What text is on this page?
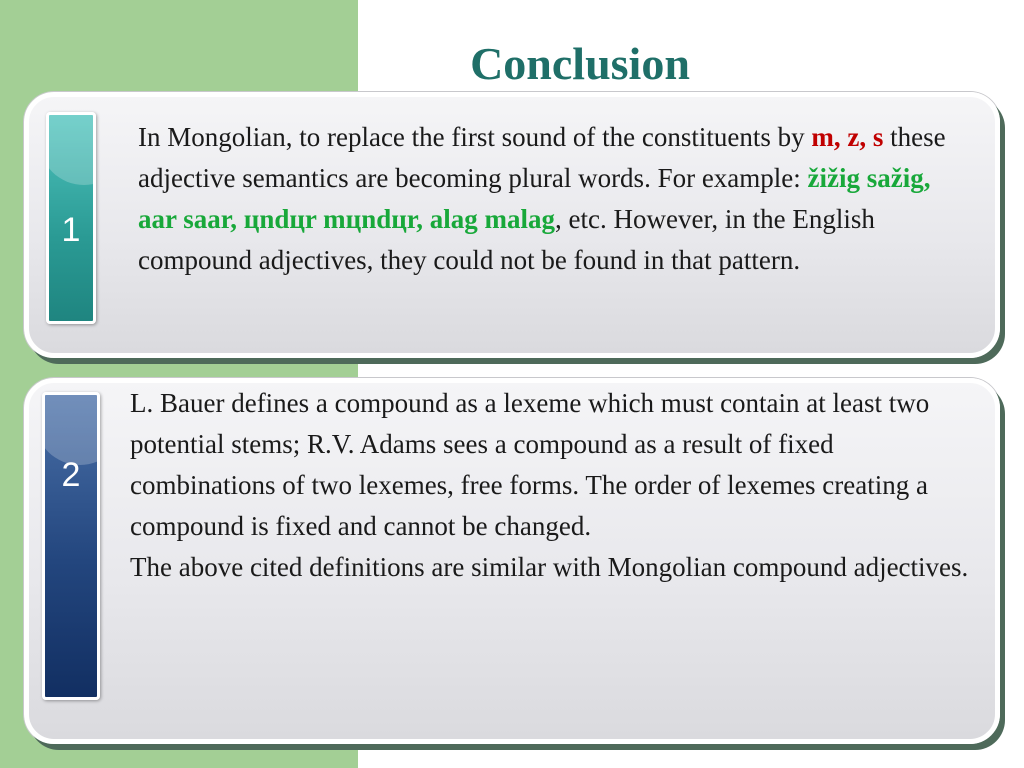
Conclusion
1

In Mongolian, to replace the first sound of the constituents by m, z, s these adjective semantics are becoming plural words. For example: žižig sažig, aar saar, цndцr mцndцr, alag malag, etc. However, in the English compound adjectives, they could not be found in that pattern.

2

L. Bauer defines a compound as a lexeme which must contain at least two potential stems; R.V. Adams sees a compound as a result of fixed combinations of two lexemes, free forms. The order of lexemes creating a compound is fixed and cannot be changed.
The above cited definitions are similar with Mongolian compound adjectives.
